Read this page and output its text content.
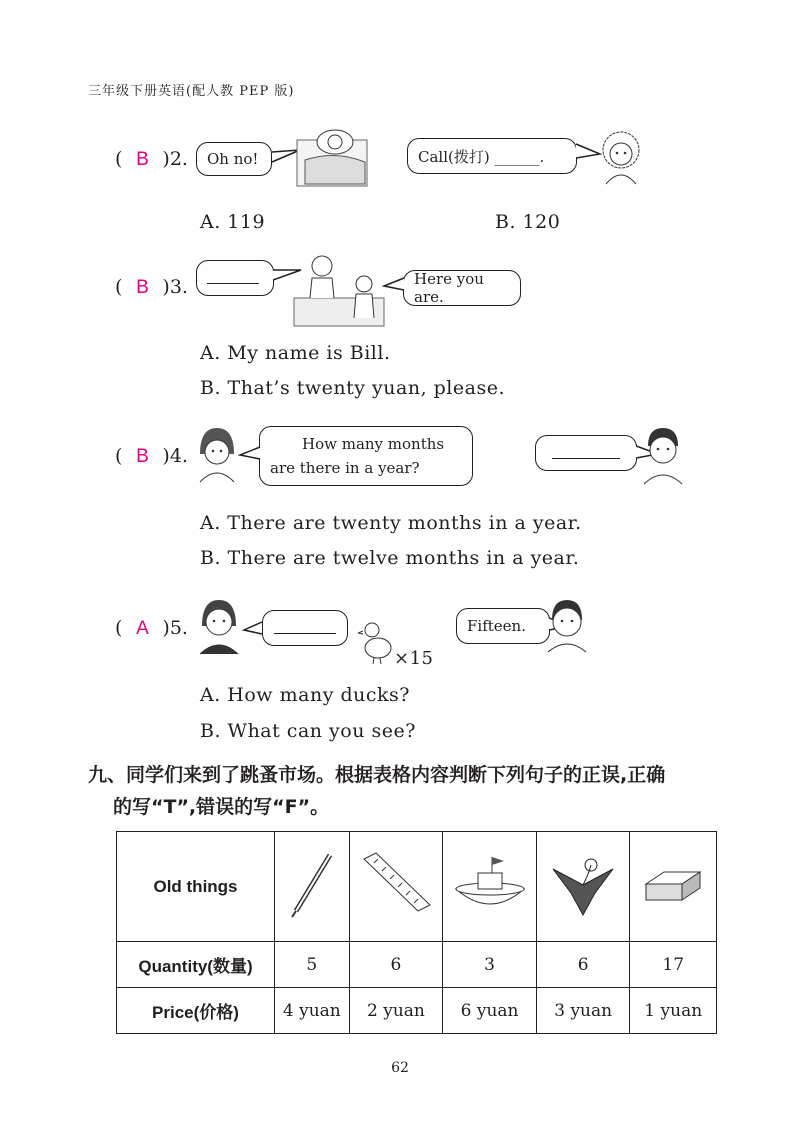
三年级下册英语(配人教 PEP 版)
( B )2. Oh no!	Call(拨打) ______.
A. 119	B. 120
( B )3.	Here you are.
A. My name is Bill.
B. That’s twenty yuan, please.
( B )4.
How many months are there in a year?
A. There are twenty months in a year.
B. There are twelve months in a year.
( A )5.
×15
Fifteen.
A. How many ducks?
B. What can you see?
九、同学们来到了跳蚤市场。根据表格内容判断下列句子的正误,正确
的写“T”,错误的写“F”。
Old things					
Quantity(数量)	5	6	3	6	17
Price(价格)	4 yuan	2 yuan	6 yuan	3 yuan	1 yuan
62
